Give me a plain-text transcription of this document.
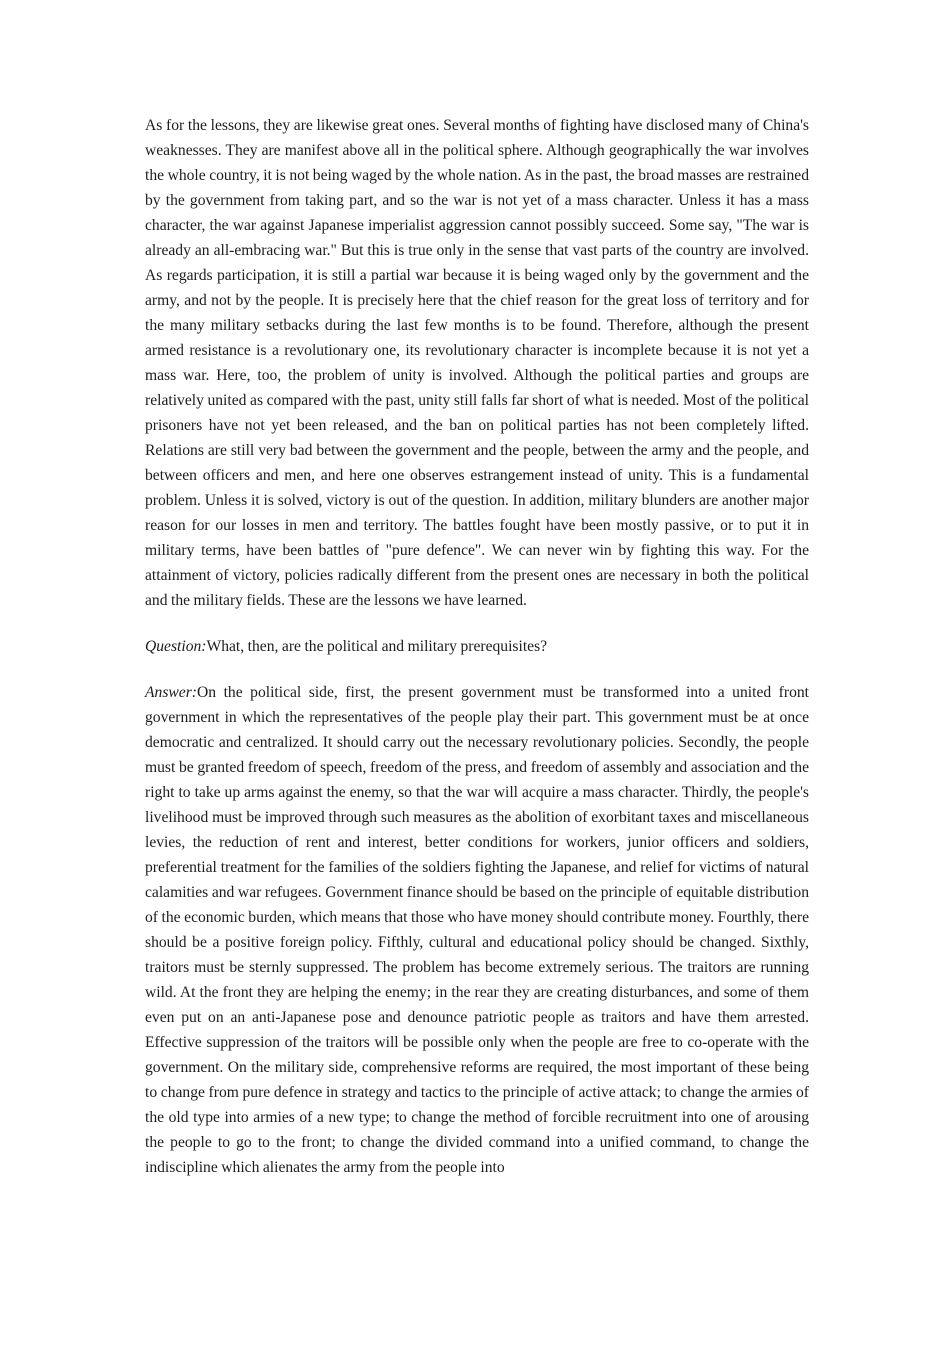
As for the lessons, they are likewise great ones. Several months of fighting have disclosed many of China's weaknesses. They are manifest above all in the political sphere. Although geographically the war involves the whole country, it is not being waged by the whole nation. As in the past, the broad masses are restrained by the government from taking part, and so the war is not yet of a mass character. Unless it has a mass character, the war against Japanese imperialist aggression cannot possibly succeed. Some say, "The war is already an all-embracing war." But this is true only in the sense that vast parts of the country are involved. As regards participation, it is still a partial war because it is being waged only by the government and the army, and not by the people. It is precisely here that the chief reason for the great loss of territory and for the many military setbacks during the last few months is to be found. Therefore, although the present armed resistance is a revolutionary one, its revolutionary character is incomplete because it is not yet a mass war. Here, too, the problem of unity is involved. Although the political parties and groups are relatively united as compared with the past, unity still falls far short of what is needed. Most of the political prisoners have not yet been released, and the ban on political parties has not been completely lifted. Relations are still very bad between the government and the people, between the army and the people, and between officers and men, and here one observes estrangement instead of unity. This is a fundamental problem. Unless it is solved, victory is out of the question. In addition, military blunders are another major reason for our losses in men and territory. The battles fought have been mostly passive, or to put it in military terms, have been battles of "pure defence". We can never win by fighting this way. For the attainment of victory, policies radically different from the present ones are necessary in both the political and the military fields. These are the lessons we have learned.

Question:What, then, are the political and military prerequisites?

Answer:On the political side, first, the present government must be transformed into a united front government in which the representatives of the people play their part. This government must be at once democratic and centralized. It should carry out the necessary revolutionary policies. Secondly, the people must be granted freedom of speech, freedom of the press, and freedom of assembly and association and the right to take up arms against the enemy, so that the war will acquire a mass character. Thirdly, the people's livelihood must be improved through such measures as the abolition of exorbitant taxes and miscellaneous levies, the reduction of rent and interest, better conditions for workers, junior officers and soldiers, preferential treatment for the families of the soldiers fighting the Japanese, and relief for victims of natural calamities and war refugees. Government finance should be based on the principle of equitable distribution of the economic burden, which means that those who have money should contribute money. Fourthly, there should be a positive foreign policy. Fifthly, cultural and educational policy should be changed. Sixthly, traitors must be sternly suppressed. The problem has become extremely serious. The traitors are running wild. At the front they are helping the enemy; in the rear they are creating disturbances, and some of them even put on an anti-Japanese pose and denounce patriotic people as traitors and have them arrested. Effective suppression of the traitors will be possible only when the people are free to co-operate with the government. On the military side, comprehensive reforms are required, the most important of these being to change from pure defence in strategy and tactics to the principle of active attack; to change the armies of the old type into armies of a new type; to change the method of forcible recruitment into one of arousing the people to go to the front; to change the divided command into a unified command, to change the indiscipline which alienates the army from the people into
